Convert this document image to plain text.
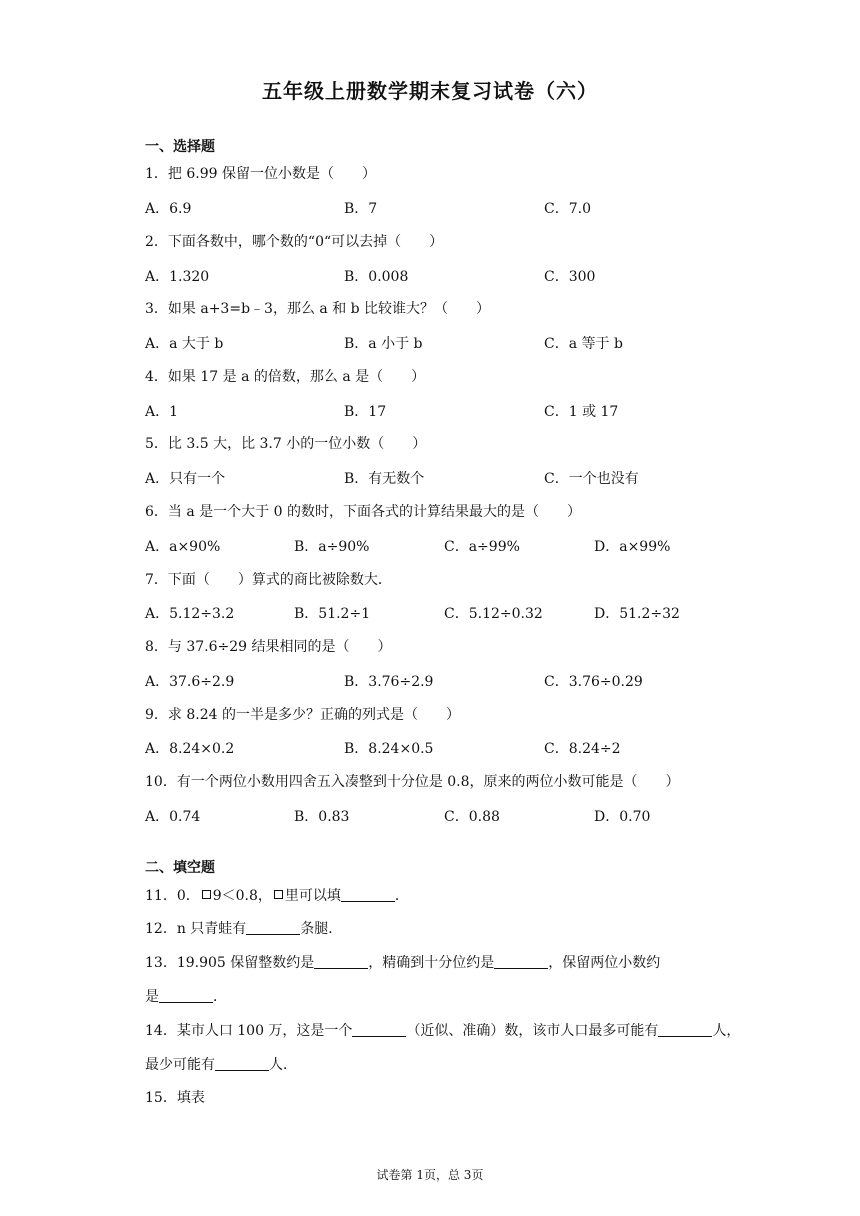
五年级上册数学期末复习试卷（六）
一、选择题
1．把 6.99 保留一位小数是（　　）
A．6.9	B．7	C．7.0
2．下面各数中，哪个数的“0“可以去掉（　　）
A．1.320	B．0.008	C．300
3．如果 a+3=b﹣3，那么 a 和 b 比较谁大？（　　）
A．a 大于 b	B．a 小于 b	C．a 等于 b
4．如果 17 是 a 的倍数，那么 a 是（　　）
A．1	B．17	C．1 或 17
5．比 3.5 大，比 3.7 小的一位小数（　　）
A．只有一个	B．有无数个	C．一个也没有
6．当 a 是一个大于 0 的数时，下面各式的计算结果最大的是（　　）
A．a×90%	B．a÷90%	C．a÷99%	D．a×99%
7．下面（　　）算式的商比被除数大．
A．5.12÷3.2	B．51.2÷1	C．5.12÷0.32	D．51.2÷32
8．与 37.6÷29 结果相同的是（　　）
A．37.6÷2.9	B．3.76÷2.9	C．3.76÷0.29
9．求 8.24 的一半是多少？正确的列式是（　　）
A．8.24×0.2	B．8.24×0.5	C．8.24÷2
10．有一个两位小数用四舍五入凑整到十分位是 0.8，原来的两位小数可能是（　　）
A．0.74	B．0.83	C．0.88	D．0.70
二、填空题
11．0． 9＜0.8， 里可以填	．
12．n 只青蛙有	条腿．
13．19.905 保留整数约是	，精确到十分位约是	，保留两位小数约
是	．
14．某市人口 100 万，这是一个	（近似、准确）数，该市人口最多可能有	人，
最少可能有	人．
15．填表
试卷第 1页，总 3页
